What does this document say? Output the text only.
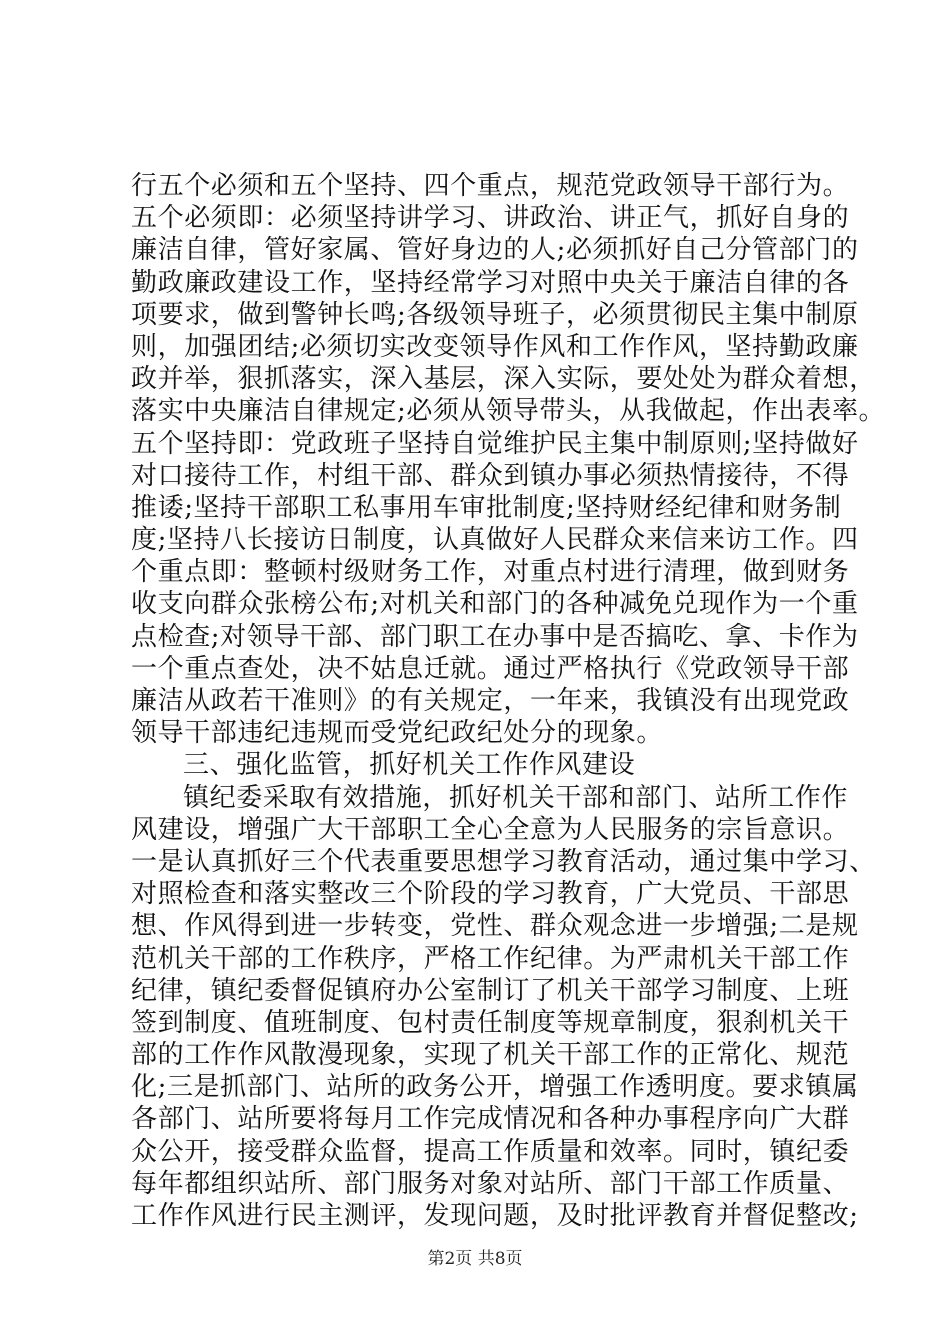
行五个必须和五个坚持、四个重点，规范党政领导干部行为。
五个必须即：必须坚持讲学习、讲政治、讲正气，抓好自身的
廉洁自律，管好家属、管好身边的人;必须抓好自己分管部门的
勤政廉政建设工作，坚持经常学习对照中央关于廉洁自律的各
项要求，做到警钟长鸣;各级领导班子，必须贯彻民主集中制原
则，加强团结;必须切实改变领导作风和工作作风，坚持勤政廉
政并举，狠抓落实，深入基层，深入实际，要处处为群众着想，
落实中央廉洁自律规定;必须从领导带头，从我做起，作出表率。
五个坚持即：党政班子坚持自觉维护民主集中制原则;坚持做好
对口接待工作，村组干部、群众到镇办事必须热情接待，不得
推诿;坚持干部职工私事用车审批制度;坚持财经纪律和财务制
度;坚持八长接访日制度，认真做好人民群众来信来访工作。四
个重点即：整顿村级财务工作，对重点村进行清理，做到财务
收支向群众张榜公布;对机关和部门的各种减免兑现作为一个重
点检查;对领导干部、部门职工在办事中是否搞吃、拿、卡作为
一个重点查处，决不姑息迁就。通过严格执行《党政领导干部
廉洁从政若干准则》的有关规定，一年来，我镇没有出现党政
领导干部违纪违规而受党纪政纪处分的现象。
三、强化监管，抓好机关工作作风建设
镇纪委采取有效措施，抓好机关干部和部门、站所工作作
风建设，增强广大干部职工全心全意为人民服务的宗旨意识。
一是认真抓好三个代表重要思想学习教育活动，通过集中学习、
对照检查和落实整改三个阶段的学习教育，广大党员、干部思
想、作风得到进一步转变，党性、群众观念进一步增强;二是规
范机关干部的工作秩序，严格工作纪律。为严肃机关干部工作
纪律，镇纪委督促镇府办公室制订了机关干部学习制度、上班
签到制度、值班制度、包村责任制度等规章制度，狠刹机关干
部的工作作风散漫现象，实现了机关干部工作的正常化、规范
化;三是抓部门、站所的政务公开，增强工作透明度。要求镇属
各部门、站所要将每月工作完成情况和各种办事程序向广大群
众公开，接受群众监督，提高工作质量和效率。同时，镇纪委
每年都组织站所、部门服务对象对站所、部门干部工作质量、
工作作风进行民主测评，发现问题，及时批评教育并督促整改;
第2页 共8页
